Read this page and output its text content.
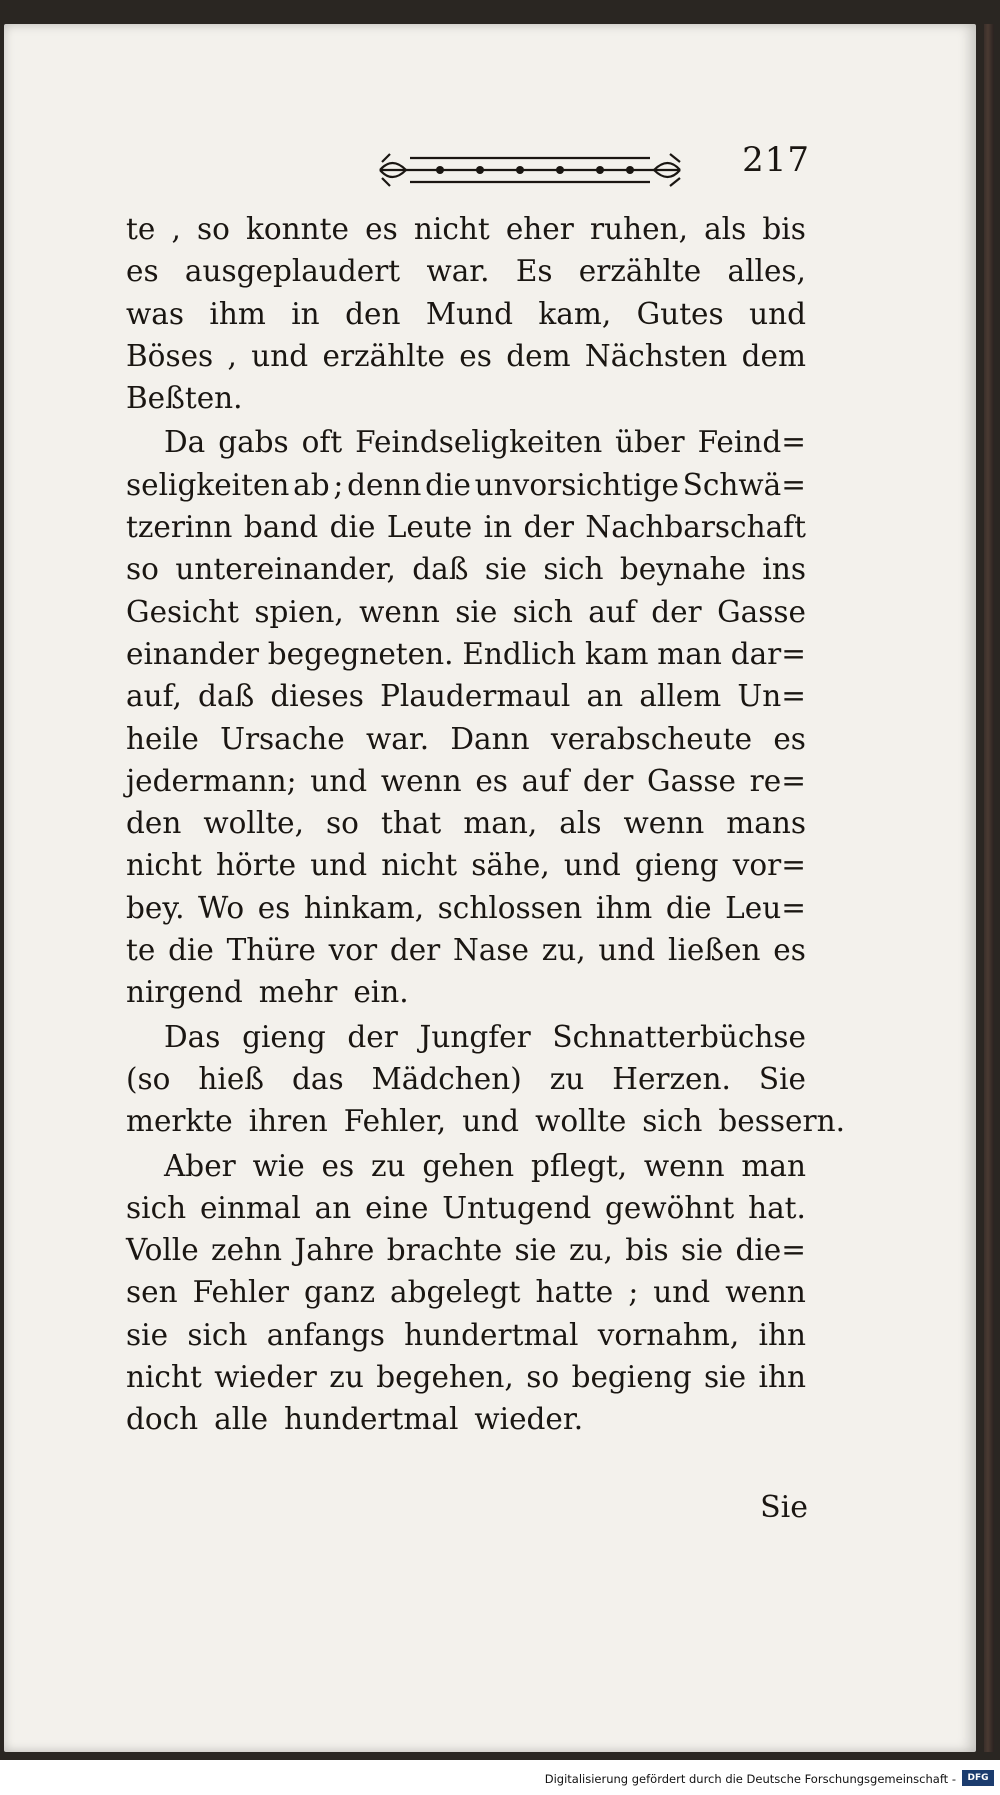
217
te , so konnte es nicht eher ruhen, als bis
es ausgeplaudert war. Es erzählte alles,
was ihm in den Mund kam, Gutes und
Böses , und erzählte es dem Nächsten dem
Beßten.
Da gabs oft Feindseligkeiten über Feind=
seligkeiten ab ; denn die unvorsichtige Schwä=
tzerinn band die Leute in der Nachbarschaft
so untereinander, daß sie sich beynahe ins
Gesicht spien, wenn sie sich auf der Gasse
einander begegneten. Endlich kam man dar=
auf, daß dieses Plaudermaul an allem Un=
heile Ursache war. Dann verabscheute es
jedermann; und wenn es auf der Gasse re=
den wollte, so that man, als wenn mans
nicht hörte und nicht sähe, und gieng vor=
bey. Wo es hinkam, schlossen ihm die Leu=
te die Thüre vor der Nase zu, und ließen es
nirgend mehr ein.
Das gieng der Jungfer Schnatterbüchse
(so hieß das Mädchen) zu Herzen. Sie
merkte ihren Fehler, und wollte sich bessern.
Aber wie es zu gehen pflegt, wenn man
sich einmal an eine Untugend gewöhnt hat.
Volle zehn Jahre brachte sie zu, bis sie die=
sen Fehler ganz abgelegt hatte ; und wenn
sie sich anfangs hundertmal vornahm, ihn
nicht wieder zu begehen, so begieng sie ihn
doch alle hundertmal wieder.
Sie
Digitalisierung gefördert durch die Deutsche Forschungsgemeinschaft -	DFG
